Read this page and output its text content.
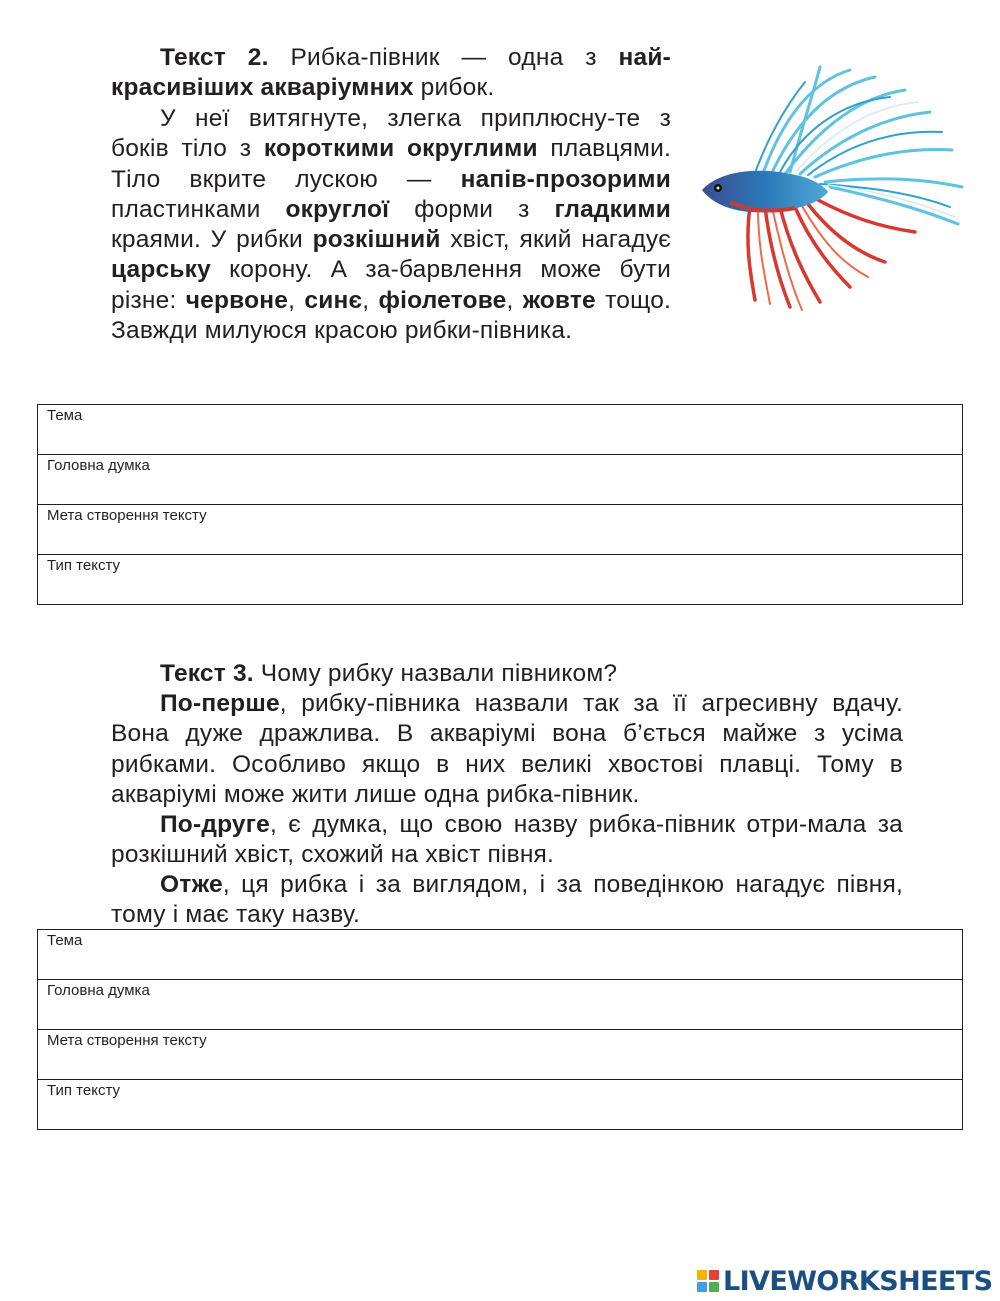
Текст 2. Рибка-півник — одна з най-красивіших акваріумних рибок.

У неї витягнуте, злегка приплюсну-те з боків тіло з короткими округлими плавцями. Тіло вкрите лускою — напів-прозорими пластинками округлої форми з гладкими краями. У рибки розкішний хвіст, який нагадує царську корону. А за-барвлення може бути різне: червоне, синє, фіолетове, жовте тощо. Завжди милуюся красою рибки-півника.

Тема
Головна думка
Мета створення тексту
Тип тексту

Текст 3. Чому рибку назвали півником?

По-перше, рибку-півника назвали так за її агресивну вдачу. Вона дуже дражлива. В акваріумі вона б’ється майже з усіма рибками. Особливо якщо в них великі хвостові плавці. Тому в акваріумі може жити лише одна рибка-півник.

По-друге, є думка, що свою назву рибка-півник отри-мала за розкішний хвіст, схожий на хвіст півня.

Отже, ця рибка і за виглядом, і за поведінкою нагадує півня, тому і має таку назву.

Тема
Головна думка
Мета створення тексту
Тип тексту
LIVEWORKSHEETS
